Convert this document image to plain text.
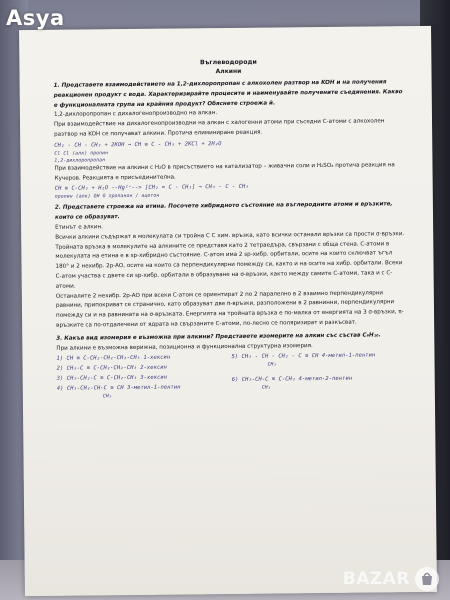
Въглеводороди
Алкини

1. Представете взаимодействието на 1,2-дихлоропропан с алкохолен разтвор на KOH и на получения реакционен продукт с вода. Характеризирайте процесите и наименувайте получените съединения. Какво е функционалната група на крайния продукт? Обяснете строежа ѝ.

1,2-дихлоропропан с дихалогенопроизводно на алкан.

При взаимодействие на дихалогенопроизводни на алкан с халогенни атоми при съседни С-атоми с алкохолен разтвор на KOH се получават алкини. Протича елиминиране реакция.

CH₂ - CH - CH₃ + 2KOH → CH ≡ C - CH₃ + 2KCl + 2H₂O
Cl Cl (алк) пропин
1,2-дихлоропропан

При взаимодействие на алкини с H₂O в присъствието на катализатор – живачни соли и H₂SO₄ протича реакция на Кучеров. Реакцията е присъединителна.

CH ≡ C-CH₃ + H₂O --Hg²⁺--> [CH₂ = C - CH₃] → CH₃ - C - CH₃
пропин (алк) OH O пропанон / ацетон

2. Представете строежа на етина. Посочете хибридното състояние на въглеродните атоми и връзките, които се образуват.

Етинът е алкин.

Всички алкини съдържат в молекулата си тройна С С хим. връзка, като всички останали връзки са прости σ-връзки.

Тройната връзка в молекулите на алкините се представя като 2 тетраедъра, свързани с обща стена. С-атоми в молекулата на етина е в sp-хибридно състояние. С-атом има 2 sp-хибр. орбитали, осите на които сключват ъгъл 180° и 2 нехибр. 2p-AO, осите на които са перпендикулярни помежду си, както и на осите на хибр. орбитали. Всеки С-атом участва с двете си sp-хибр. орбитали в образуване на σ-връзки, както между самите С-атоми, така и с С-атоми.

Останалите 2 нехибр. 2p-AO при всеки С-атом се ориентират 2 по 2 паралелно в 2 взаимно перпендикулярни равнини, припокриват се странично, като образуват две π-връзки, разположени в 2 равнинни, перпендикулярни помежду си и на равнината на σ-връзката. Енергията на тройната връзка е по-малка от енергията на 3 σ-връзки, π-връзките са по-отдалечени от ядрата на свързаните С-атоми, по-лесно се поляризират и разкъсват.

3. Какъв вид изомерия е възможна при алкини? Представете изомерите на алкин със състав C₆H₁₀.

При алкини е възможна верижна, позиционна и функционална структурна изомерия.

1) CH ≡ C-CH₂-CH₂-CH₂-CH₃ 1-хексин
2) CH₃-C ≡ C-CH₂-CH₂-CH₃ 2-хексин
3) CH₃-CH₂-C ≡ C-CH₂-CH₃ 3-хексин
4) CH₃-CH₂-CH-C ≡ CH 3-метил-1-пентин
CH₃
5) CH₃ - CH - CH₂ - C ≡ CH 4-метил-1-пентин
CH₃
6) CH₃-CH-C ≡ C-CH₃ 4-метил-2-пентин
CH₃
Asya
BAZAR
